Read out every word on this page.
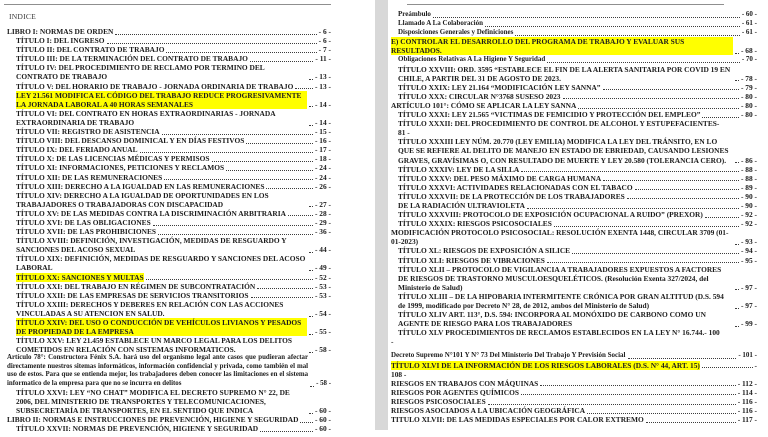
INDICE
LIBRO I: NORMAS DE ORDEN	- 6 -
TÍTULO I: DEL INGRESO	- 6 -
TÍTULO II: DEL CONTRATO DE TRABAJO	- 7 -
TÍTULO III: DE LA TERMINACIÓN DEL CONTRATO DE TRABAJO	- 11 -
TÍTULO IV: DEL PROCEDIMIENTO DE RECLAMO POR TERMINO DEL CONTRATO DE TRABAJO	- 13 -
TÍTULO V: DEL HORARIO DE TRABAJO - JORNADA ORDINARIA DE TRABAJO	- 13 -
LEY 21.561 MODIFICA EL CÓDIGO DEL TRABAJO REDUCE PROGRESIVAMENTE LA JORNADA LABORAL A 40 HORAS SEMANALES	- 14 -
TÍTULO VI: DEL CONTRATO EN HORAS EXTRAORDINARIAS - JORNADA EXTRAORDINARIA DE TRABAJO	- 14 -
TÍTULO VII: REGISTRO DE ASISTENCIA	- 15 -
TÍTULO VIII: DEL DESCANSO DOMINICAL Y EN DÍAS FESTIVOS	- 16 -
TÍTULO IX: DEL FERIADO ANUAL	- 17 -
TÍTULO X: DE LAS LICENCIAS MÉDICAS Y PERMISOS	- 18 -
TÍTULO XI: INFORMACIONES, PETICIONES Y RECLAMOS	- 24 -
TÍTULO XII: DE LAS REMUNERACIONES	- 24 -
TÍTULO XIII: DERECHO A LA IGUALDAD EN LAS REMUNERACIONES	- 26 -
TÍTULO XIV: DERECHO A LA IGUALDAD DE OPORTUNIDADES EN LOS TRABAJADORES O TRABAJADORAS CON DISCAPACIDAD	- 27 -
TÍTULO XV: DE LAS MEDIDAS CONTRA LA DISCRIMINACIÓN ARBITRARIA	- 28 -
TÍTULO XVI: DE LAS OBLIGACIONES	- 29 -
TÍTULO XVII: DE LAS PROHIBICIONES	- 36 -
TÍTULO XVIII: DEFINICIÓN, INVESTIGACIÓN, MEDIDAS DE RESGUARDO Y SANCIONES DEL ACOSO SEXUAL	- 44 -
TÍTULO XIX: DEFINICIÓN, MEDIDAS DE RESGUARDO Y SANCIONES DEL ACOSO LABORAL	- 49 -
TÍTULO XX: SANCIONES Y MULTAS	- 52 -
TÍTULO XXI: DEL TRABAJO EN RÉGIMEN DE SUBCONTRATACIÓN	- 53 -
TÍTULO XXII: DE LAS EMPRESAS DE SERVICIOS TRANSITORIOS	- 53 -
TÍTULO XXIII: DERECHOS Y DEBERES EN RELACIÓN CON LAS ACCIONES VINCULADAS A SU ATENCION EN SALUD.	- 54 -
TÍTULO XXIV: DEL USO O CONDUCCIÓN DE VEHÍCULOS LIVIANOS Y PESADOS DE PROPIEDAD DE LA EMPRESA	- 55 -
TÍTULO XXV: LEY 21.459 ESTABLECE UN MARCO LEGAL PARA LOS DELITOS COMETIDOS EN RELACIÓN CON SISTEMAS INFORMATICOS.	- 58 -
Artículo 78°: Constructora Fénix S.A. hará uso del organismo legal ante casos que pudieran afectar directamente nuestros sitemas informáticos, información confidencial y privada, como también el mal uso de estos. Para que se entienda mejor, los trabajadores deben conocer las limitaciones en el sistema informatico de la empresa para que no se incurra en delitos	- 58 -
TÍTULO XXVI: LEY “NO CHAT” MODIFICA EL DECRETO SUPREMO N° 22, DE 2006, DEL MINISTERIO DE TRANSPORTES Y TELECOMUNICACIONES, SUBSECRETARÍA DE TRANSPORTES, EN EL SENTIDO QUE INDICA	- 60 -
LIBRO II: NORMAS E INSTRUCCIONES DE PREVENCIÓN, HIGIENE Y SEGURIDAD - 60 -
TÍTULO XXVII: NORMAS DE PREVENCIÓN, HIGIENE Y SEGURIDAD	- 60 -
Preámbulo	- 60 -
Llamado A La Colaboración	- 61 -
Disposiciones Generales y Definiciones	- 61 -
E) CONTROLAR EL DESARROLLO DEL PROGRAMA DE TRABAJO Y EVALUAR SUS RESULTADOS.	- 68 -
Obligaciones Relativas A La Higiene Y Seguridad	- 70 -
TÍTULO XXVIII: ORD. 3595 “ESTABLECE EL FIN DE LA ALERTA SANITARIA POR COVID 19 EN CHILE, A PARTIR DEL 31 DE AGOSTO DE 2023.	- 78 -
TÍTULO XXIX: LEY 21.164 “MODIFICACIÓN LEY SANNA”	- 79 -
TÍTULO XXX: CIRCULAR N°3768 SUSESO 2023	- 80 -
ARTÍCULO 101°: CÓMO SE APLICAR LA LEY SANNA	- 80 -
TÍTULO XXXI: LEY 21.565 “VICTIMAS DE FEMICIDIO Y PROTECCIÓN DEL EMPLEO”	- 80 -
TÍTULO XXXII: DEL PROCEDIMIENTO DE CONTROL DE ALCOHOL Y ESTUPEFACIENTES-
81 -
TÍTULO XXXIII LEY NÚM. 20.770 (LEY EMILIA) MODIFICA LA LEY DEL TRÁNSITO, EN LO QUE SE REFIERE AL DELITO DE MANEJO EN ESTADO DE EBRIEDAD, CAUSANDO LESIONES GRAVES, GRAVÍSIMAS O, CON RESULTADO DE MUERTE Y LEY 20.580 (TOLERANCIA CERO).	- 86 -
TÍTULO XXXIV: LEY DE LA SILLA	- 88 -
TÍTULO XXXV: DEL PESO MÁXIMO DE CARGA HUMANA	- 88 -
TÍTULO XXXVI: ACTIVIDADES RELACIONADAS CON EL TABACO	- 89 -
TÍTULO XXXVII: DE LA PROTECCIÓN DE LOS TRABAJADORES	- 90 -
DE LA RADIACIÓN ULTRAVIOLETA	- 90 -
TÍTULO XXXVIII: PROTOCOLO DE EXPOSICIÓN OCUPACIONAL A RUIDO” (PREXOR)	- 92 -
TÍTULO XXXIX: RIESGOS PSICOSOCIALES	- 92 -
MODIFICACIÓN PROTOCOLO PSICOSOCIAL: RESOLUCIÓN EXENTA 1448, CIRCULAR 3709 (01-01-2023)	- 93 -
TÍTULO XL: RIESGOS DE EXPOSICIÓN A SILICE	- 94 -
TÍTULO XLI: RIESGOS DE VIBRACIONES	- 95 -
TÍTULO XLII – PROTOCOLO DE VIGILANCIA A TRABAJADORES EXPUESTOS A FACTORES DE RIESGOS DE TRASTORNO MUSCULOESQUELÉTICOS. (Resolución Exenta 327/2024, del Ministerio de Salud)	- 97 -
TÍTULO XLIII – DE LA HIPOBARIA INTERMITENTE CRÓNICA POR GRAN ALTITUD (D.S. 594 de 1999, modificado por Decreto N° 28, de 2012, ambos del Ministerio de Salud)	- 97 -
TÍTULO XLIV ART. 113°, D.S. 594: INCORPORA AL MONÓXIDO DE CARBONO COMO UN AGENTE DE RIESGO PARA LOS TRABAJADORES	- 99 -
TÍTULO XLV PROCEDIMIENTOS DE RECLAMOS ESTABLECIDOS EN LA LEY N° 16.744.- 100
-
Decreto Supremo N°101 Y N° 73 Del Ministerio Del Trabajo Y Previsión Social	- 101 -
TÍTULO XLVI DE LA INFORMACIÓN DE LOS RIESGOS LABORALES (D.S. N° 44, ART. 15)	-
108 -
RIESGOS EN TRABAJOS CON MÁQUINAS	- 112 -
RIESGOS POR AGENTES QUÍMICOS	- 114 -
RIESGOS PSICOSOCIALES	- 116 -
RIESGOS ASOCIADOS A LA UBICACIÓN GEOGRÁFICA	- 116 -
TITULO XLVII: DE LAS MEDIDAS ESPECIALES POR CALOR EXTREMO	- 117 -
